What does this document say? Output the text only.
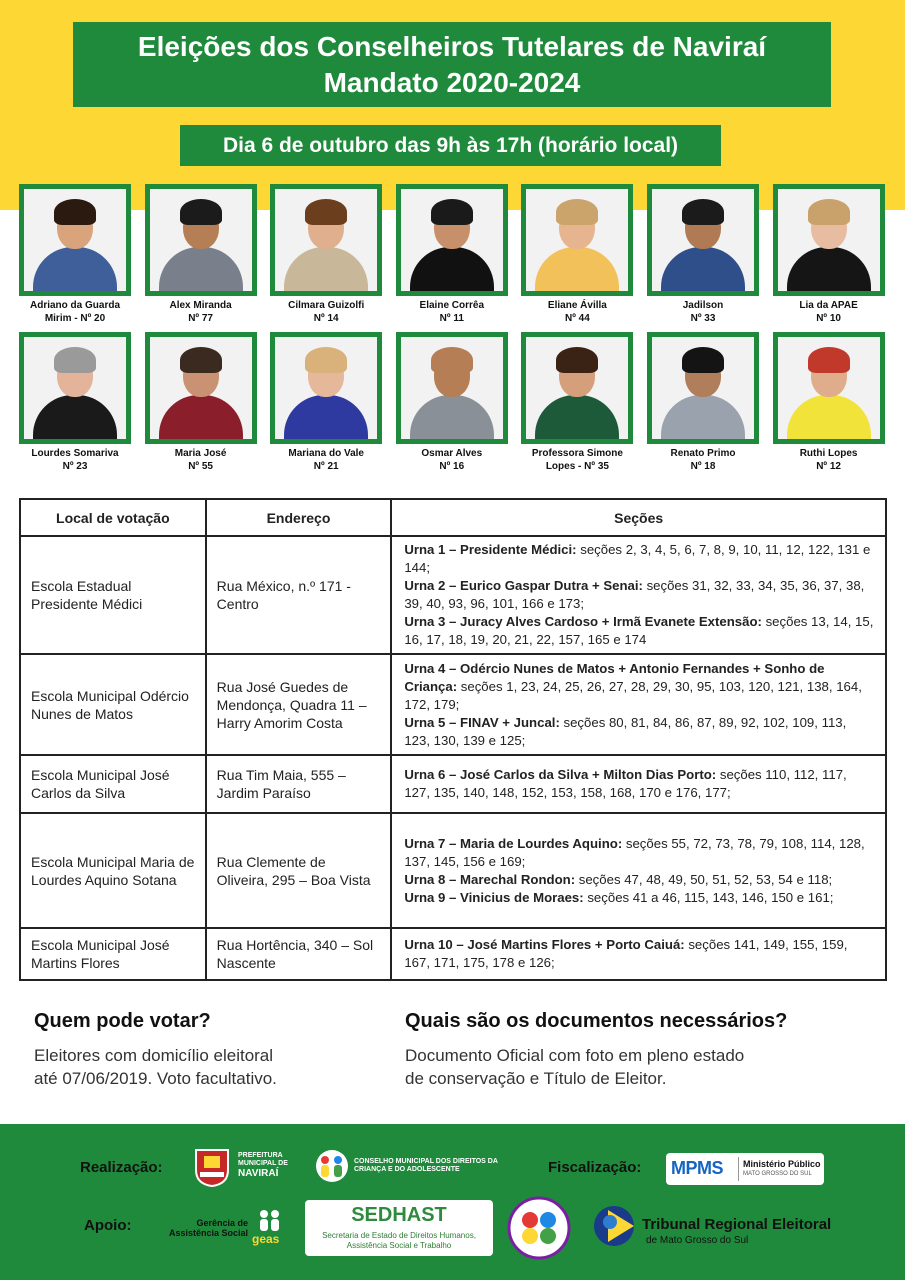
Eleições dos Conselheiros Tutelares de Naviraí
Mandato 2020-2024
Dia 6 de outubro das 9h às 17h (horário local)
Adriano da Guarda
Mirim - Nº 20
Alex Miranda
Nº 77
Cilmara Guizolfi
Nº 14
Elaine Corrêa
Nº 11
Eliane Ávilla
Nº 44
Jadilson
Nº 33
Lia da APAE
Nº 10
Lourdes Somariva
Nº 23
Maria José
Nº 55
Mariana do Vale
Nº 21
Osmar Alves
Nº 16
Professora Simone
Lopes - Nº 35
Renato Primo
Nº 18
Ruthi Lopes
Nº 12
Local de votação	Endereço	Seções
Escola Estadual Presidente Médici	Rua México, n.º 171 - Centro	Urna 1 – Presidente Médici: seções 2, 3, 4, 5, 6, 7, 8, 9, 10, 11, 12, 122, 131 e 144;
Urna 2 – Eurico Gaspar Dutra + Senai: seções 31, 32, 33, 34, 35, 36, 37, 38, 39, 40, 93, 96, 101, 166 e 173;
Urna 3 – Juracy Alves Cardoso + Irmã Evanete Extensão: seções 13, 14, 15, 16, 17, 18, 19, 20, 21, 22, 157, 165 e 174

Escola Municipal Odércio Nunes de Matos	Rua José Guedes de Mendonça, Quadra 11 – Harry Amorim Costa	Urna 4 – Odércio Nunes de Matos + Antonio Fernandes + Sonho de Criança: seções 1, 23, 24, 25, 26, 27, 28, 29, 30, 95, 103, 120, 121, 138, 164, 172, 179;
Urna 5 – FINAV + Juncal: seções 80, 81, 84, 86, 87, 89, 92, 102, 109, 113, 123, 130, 139 e 125;

Escola Municipal José Carlos da Silva	Rua Tim Maia, 555 – Jardim Paraíso	Urna 6 – José Carlos da Silva + Milton Dias Porto: seções 110, 112, 117, 127, 135, 140, 148, 152, 153, 158, 168, 170 e 176, 177;

Escola Municipal Maria de Lourdes Aquino Sotana	Rua Clemente de Oliveira, 295 – Boa Vista	Urna 7 – Maria de Lourdes Aquino: seções 55, 72, 73, 78, 79, 108, 114, 128, 137, 145, 156 e 169;
Urna 8 – Marechal Rondon: seções 47, 48, 49, 50, 51, 52, 53, 54 e 118;
Urna 9 – Vinicius de Moraes: seções 41 a 46, 115, 143, 146, 150 e 161;

Escola Municipal José Martins Flores	Rua Hortência, 340 – Sol Nascente	Urna 10 – José Martins Flores + Porto Caiuá: seções 141, 149, 155, 159, 167, 171, 175, 178 e 126;
Quem pode votar?
Eleitores com domicílio eleitoral
até 07/06/2019. Voto facultativo.
Quais são os documentos necessários?
Documento Oficial com foto em pleno estado
de conservação e Título de Eleitor.
Realização:
PREFEITURA
MUNICIPAL DE
NAVIRAÍ
CONSELHO MUNICIPAL DOS DIREITOS DA
CRIANÇA E DO ADOLESCENTE	Fiscalização: MPMS Ministério Público
MATO GROSSO DO SUL
Apoio:	Gerência de
Assistência Social geas
SEDHAST
Secretaria de Estado de Direitos Humanos,
Assistência Social e Trabalho
Tribunal Regional Eleitoral
de Mato Grosso do Sul
